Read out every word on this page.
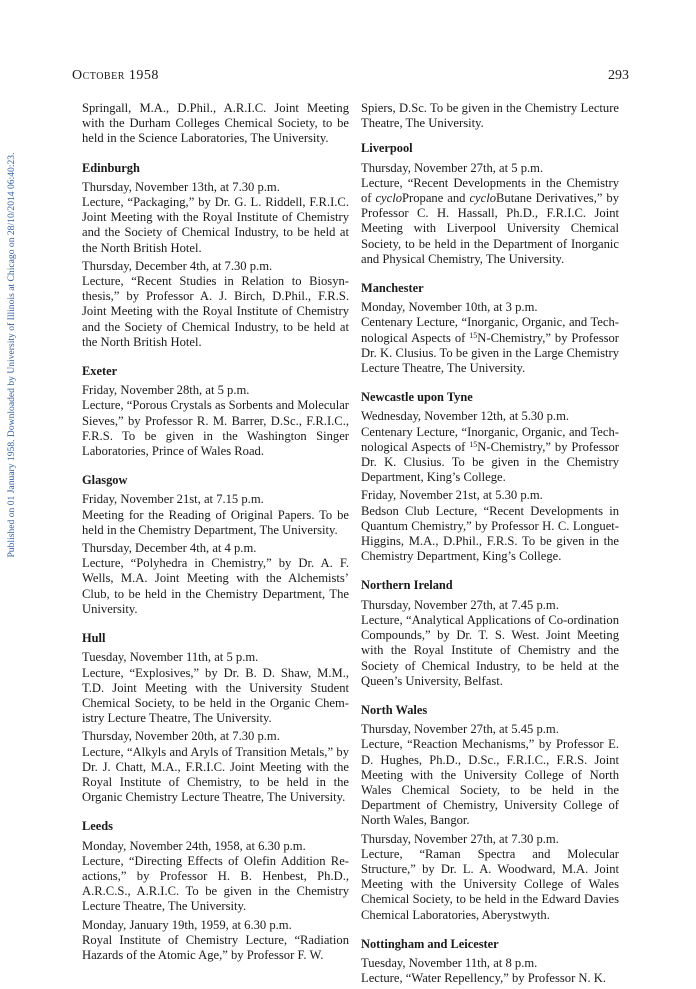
Published on 01 January 1958. Downloaded by University of Illinois at Chicago on 28/10/2014 06:40:23.
October 1958	293
Springall, M.A., D.Phil., A.R.I.C. Joint Meeting with the Durham Colleges Chemical Society, to be held in the Science Laboratories, The University.
Edinburgh
Thursday, November 13th, at 7.30 p.m.
Lecture, “Packaging,” by Dr. G. L. Riddell, F.R.I.C. Joint Meeting with the Royal Institute of Chemistry and the Society of Chemical Industry, to be held at the North British Hotel.
Thursday, December 4th, at 7.30 p.m.
Lecture, “Recent Studies in Relation to Biosynthesis,” by Professor A. J. Birch, D.Phil., F.R.S. Joint Meeting with the Royal Institute of Chemistry and the Society of Chemical Industry, to be held at the North British Hotel.
Exeter
Friday, November 28th, at 5 p.m.
Lecture, “Porous Crystals as Sorbents and Molecular Sieves,” by Professor R. M. Barrer, D.Sc., F.R.I.C., F.R.S. To be given in the Washington Singer Laboratories, Prince of Wales Road.
Glasgow
Friday, November 21st, at 7.15 p.m.
Meeting for the Reading of Original Papers. To be held in the Chemistry Department, The University.
Thursday, December 4th, at 4 p.m.
Lecture, “Polyhedra in Chemistry,” by Dr. A. F. Wells, M.A. Joint Meeting with the Alchemists’ Club, to be held in the Chemistry Department, The University.
Hull
Tuesday, November 11th, at 5 p.m.
Lecture, “Explosives,” by Dr. B. D. Shaw, M.M., T.D. Joint Meeting with the University Student Chemical Society, to be held in the Organic Chemistry Lecture Theatre, The University.
Thursday, November 20th, at 7.30 p.m.
Lecture, “Alkyls and Aryls of Transition Metals,” by Dr. J. Chatt, M.A., F.R.I.C. Joint Meeting with the Royal Institute of Chemistry, to be held in the Organic Chemistry Lecture Theatre, The University.
Leeds
Monday, November 24th, 1958, at 6.30 p.m.
Lecture, “Directing Effects of Olefin Addition Reactions,” by Professor H. B. Henbest, Ph.D., A.R.C.S., A.R.I.C. To be given in the Chemistry Lecture Theatre, The University.
Monday, January 19th, 1959, at 6.30 p.m.
Royal Institute of Chemistry Lecture, “Radiation Hazards of the Atomic Age,” by Professor F. W.
Spiers, D.Sc. To be given in the Chemistry Lecture Theatre, The University.
Liverpool
Thursday, November 27th, at 5 p.m.
Lecture, “Recent Developments in the Chemistry of cycloPropane and cycloButane Derivatives,” by Professor C. H. Hassall, Ph.D., F.R.I.C. Joint Meeting with Liverpool University Chemical Society, to be held in the Department of Inorganic and Physical Chemistry, The University.
Manchester
Monday, November 10th, at 3 p.m.
Centenary Lecture, “Inorganic, Organic, and Technological Aspects of $^{15}$N-Chemistry,” by Professor Dr. K. Clusius. To be given in the Large Chemistry Lecture Theatre, The University.
Newcastle upon Tyne
Wednesday, November 12th, at 5.30 p.m.
Centenary Lecture, “Inorganic, Organic, and Technological Aspects of $^{15}$N-Chemistry,” by Professor Dr. K. Clusius. To be given in the Chemistry Department, King’s College.
Friday, November 21st, at 5.30 p.m.
Bedson Club Lecture, “Recent Developments in Quantum Chemistry,” by Professor H. C. Longuet-Higgins, M.A., D.Phil., F.R.S. To be given in the Chemistry Department, King’s College.
Northern Ireland
Thursday, November 27th, at 7.45 p.m.
Lecture, “Analytical Applications of Co-ordination Compounds,” by Dr. T. S. West. Joint Meeting with the Royal Institute of Chemistry and the Society of Chemical Industry, to be held at the Queen’s University, Belfast.
North Wales
Thursday, November 27th, at 5.45 p.m.
Lecture, “Reaction Mechanisms,” by Professor E. D. Hughes, Ph.D., D.Sc., F.R.I.C., F.R.S. Joint Meeting with the University College of North Wales Chemical Society, to be held in the Department of Chemistry, University College of North Wales, Bangor.
Thursday, November 27th, at 7.30 p.m.
Lecture, “Raman Spectra and Molecular Structure,” by Dr. L. A. Woodward, M.A. Joint Meeting with the University College of Wales Chemical Society, to be held in the Edward Davies Chemical Laboratories, Aberystwyth.
Nottingham and Leicester
Tuesday, November 11th, at 8 p.m.
Lecture, “Water Repellency,” by Professor N. K.
